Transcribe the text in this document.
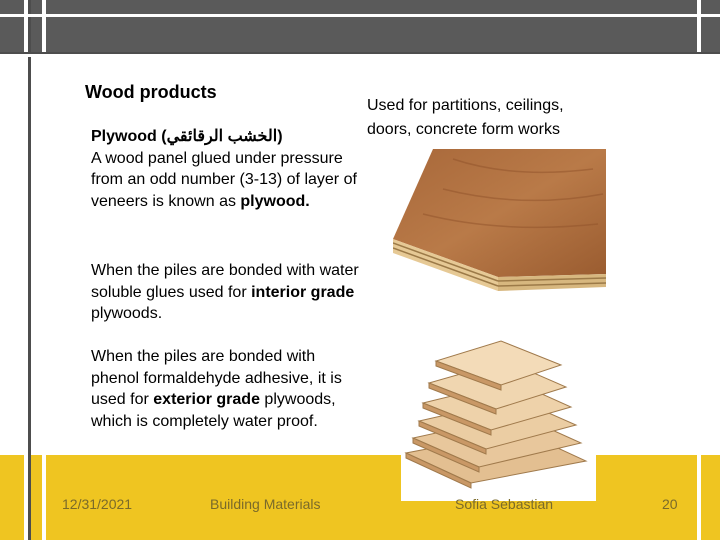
Wood products
Used for partitions, ceilings, doors, concrete form works
Plywood (الخشب الرقائقي)
A wood panel glued under pressure from an odd number (3-13) of layer of veneers is known as plywood.
When the piles are bonded with water soluble glues used for interior grade plywoods.
When the piles are bonded with phenol formaldehyde adhesive, it is used for exterior grade plywoods, which is completely water proof.
12/31/2021	Building Materials	Sofia Sebastian	20
